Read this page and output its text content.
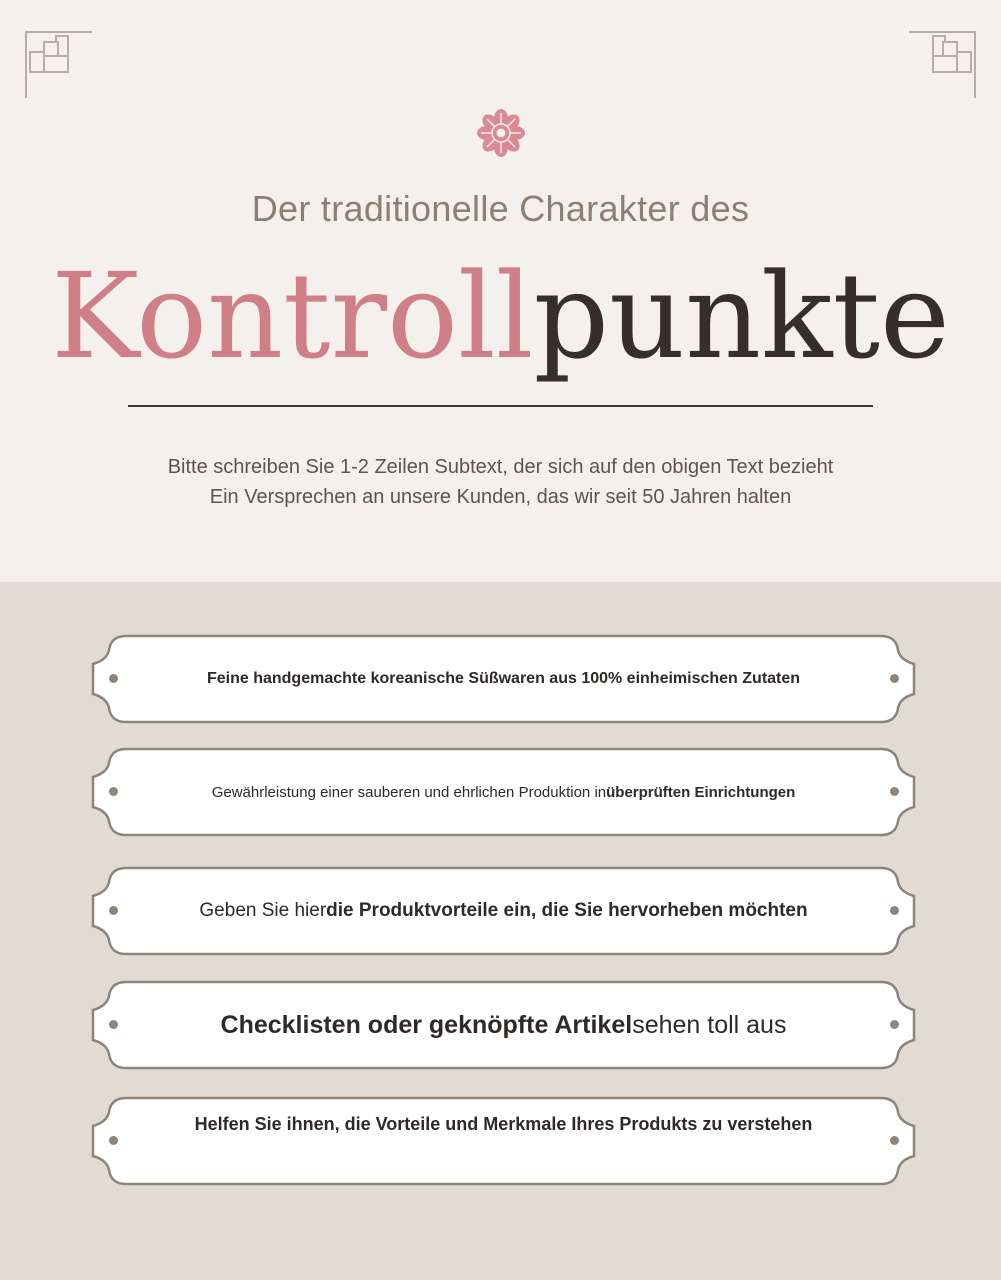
Der traditionelle Charakter des
Kontrollpunkte
Bitte schreiben Sie 1-2 Zeilen Subtext, der sich auf den obigen Text bezieht
Ein Versprechen an unsere Kunden, das wir seit 50 Jahren halten
Feine handgemachte koreanische Süßwaren aus 100% einheimischen Zutaten
Gewährleistung einer sauberen und ehrlichen Produktion in überprüften Einrichtungen
Geben Sie hier die Produktvorteile ein, die Sie hervorheben möchten
Checklisten oder geknöpfte Artikel sehen toll aus
Helfen Sie ihnen, die Vorteile und Merkmale Ihres Produkts zu verstehen
